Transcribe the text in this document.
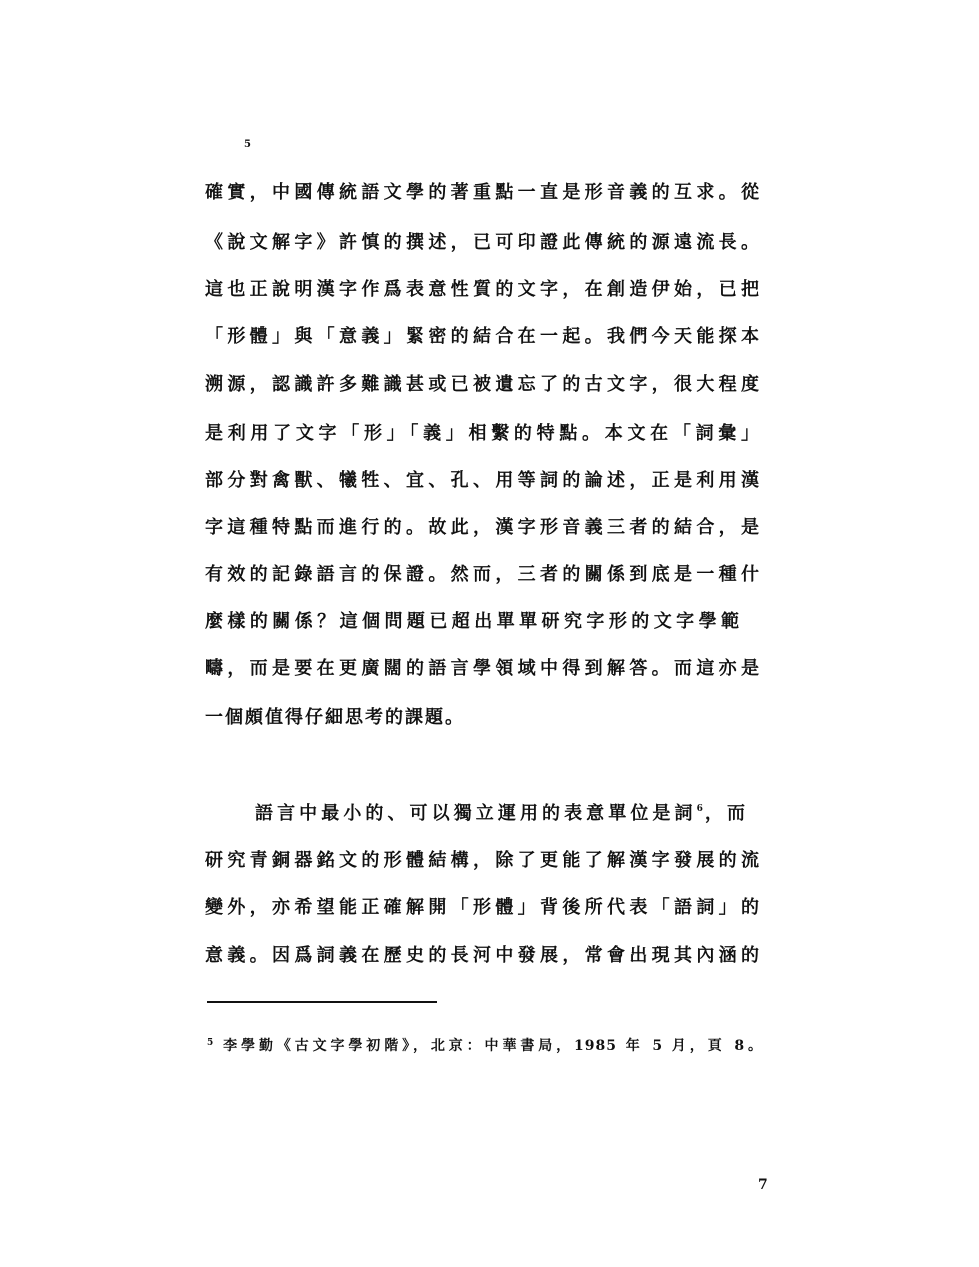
5
確實，中國傳統語文學的著重點一直是形音義的互求。從
《說文解字》許慎的撰述，已可印證此傳統的源遠流長。
這也正說明漢字作爲表意性質的文字，在創造伊始，已把
「形體」與「意義」緊密的結合在一起。我們今天能探本
溯源，認識許多難識甚或已被遺忘了的古文字，很大程度
是利用了文字「形」「義」相繫的特點。本文在「詞彙」
部分對禽獸、犧牲、宜、孔、用等詞的論述，正是利用漢
字這種特點而進行的。故此，漢字形音義三者的結合，是
有效的記錄語言的保證。然而，三者的關係到底是一種什
麼樣的關係？這個問題已超出單單研究字形的文字學範
疇，而是要在更廣闊的語言學領域中得到解答。而這亦是
一個頗值得仔細思考的課題。
語言中最小的、可以獨立運用的表意單位是詞$^6$，而
研究青銅器銘文的形體結構，除了更能了解漢字發展的流
變外，亦希望能正確解開「形體」背後所代表「語詞」的
意義。因爲詞義在歷史的長河中發展，常會出現其內涵的
$^5$ 李學勤《古文字學初階》，北京：中華書局，1985 年 5 月，頁 8。
7
